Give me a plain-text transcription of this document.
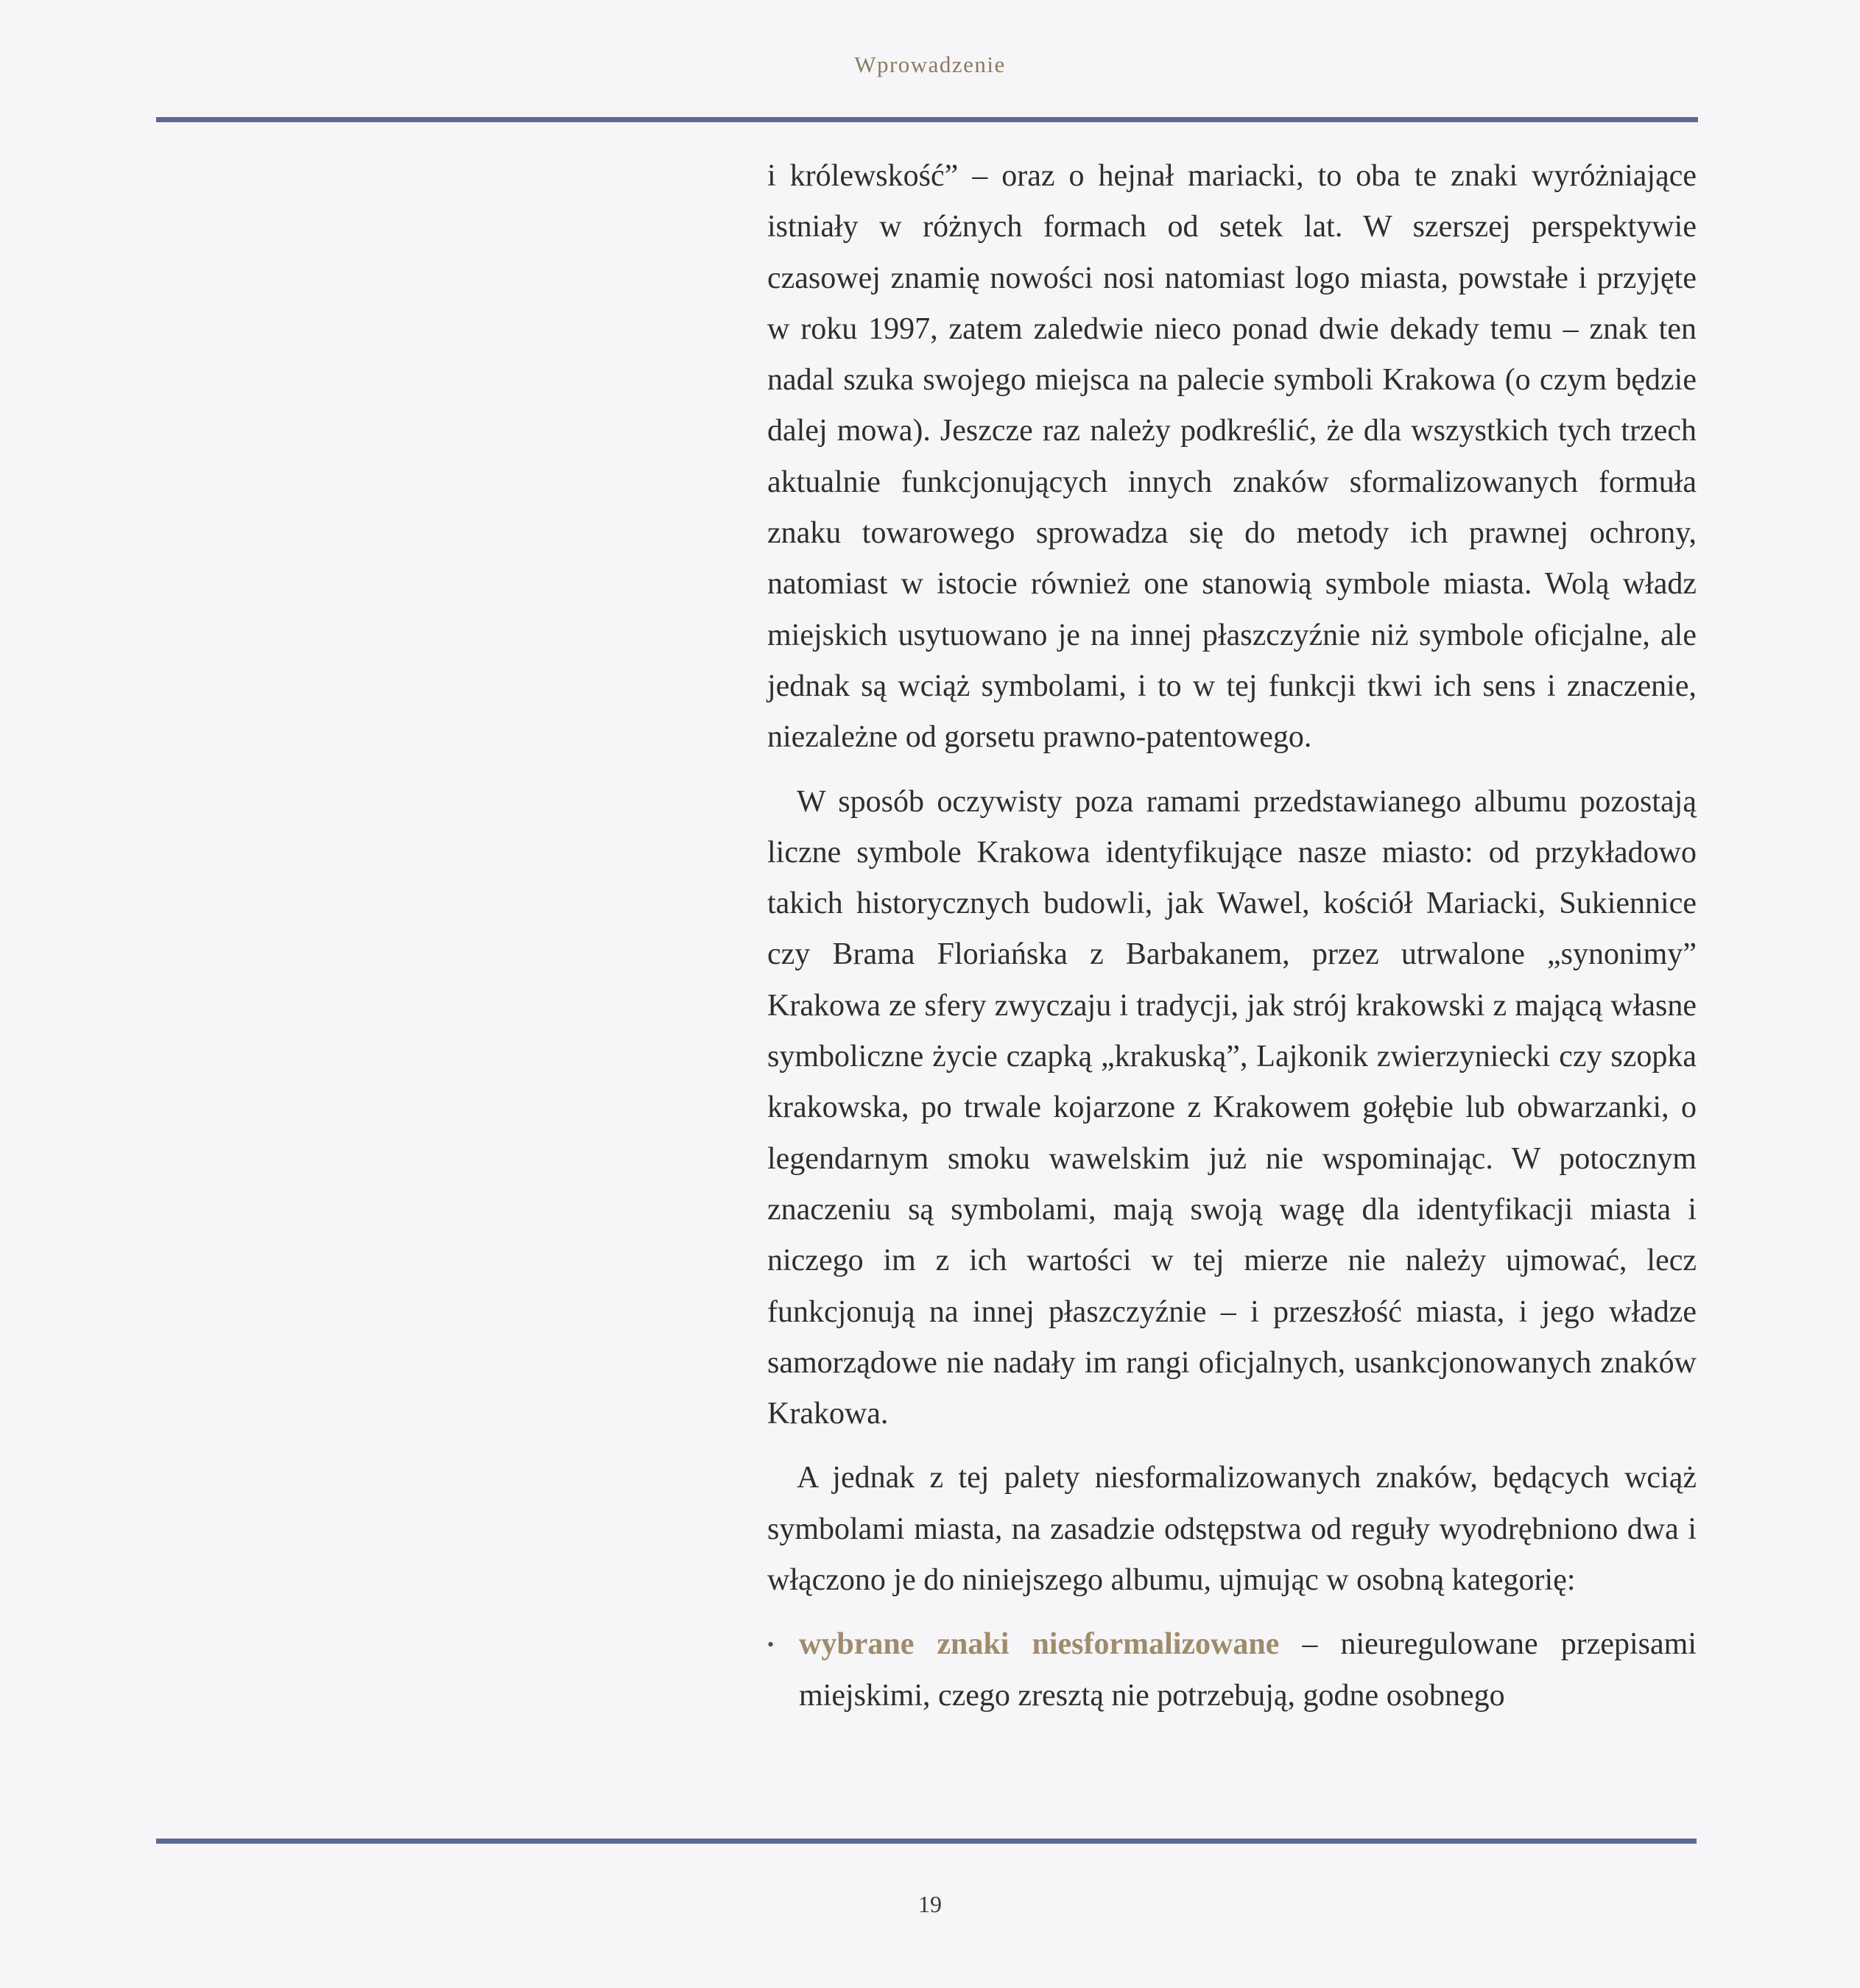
Wprowadzenie

i królewskość” – oraz o hejnał mariacki, to oba te znaki wyróżniające istniały w różnych formach od setek lat. W szerszej perspektywie czasowej znamię nowości nosi natomiast logo miasta, powstałe i przyjęte w roku 1997, zatem zaledwie nieco ponad dwie dekady temu – znak ten nadal szuka swojego miejsca na palecie symboli Krakowa (o czym będzie dalej mowa). Jeszcze raz należy podkreślić, że dla wszystkich tych trzech aktualnie funkcjonujących innych znaków sformalizowanych formuła znaku towarowego sprowadza się do metody ich prawnej ochrony, natomiast w istocie również one stanowią symbole miasta. Wolą władz miejskich usytuowano je na innej płaszczyźnie niż symbole oficjalne, ale jednak są wciąż symbolami, i to w tej funkcji tkwi ich sens i znaczenie, niezależne od gorsetu prawno-patentowego.

W sposób oczywisty poza ramami przedstawianego albumu pozostają liczne symbole Krakowa identyfikujące nasze miasto: od przykładowo takich historycznych budowli, jak Wawel, kościół Mariacki, Sukiennice czy Brama Floriańska z Barbakanem, przez utrwalone „synonimy” Krakowa ze sfery zwyczaju i tradycji, jak strój krakowski z mającą własne symboliczne życie czapką „krakuską”, Lajkonik zwierzyniecki czy szopka krakowska, po trwale kojarzone z Krakowem gołębie lub obwarzanki, o legendarnym smoku wawelskim już nie wspominając. W potocznym znaczeniu są symbolami, mają swoją wagę dla identyfikacji miasta i niczego im z ich wartości w tej mierze nie należy ujmować, lecz funkcjonują na innej płaszczyźnie – i przeszłość miasta, i jego władze samorządowe nie nadały im rangi oficjalnych, usankcjonowanych znaków Krakowa.

A jednak z tej palety niesformalizowanych znaków, będących wciąż symbolami miasta, na zasadzie odstępstwa od reguły wyodrębniono dwa i włączono je do niniejszego albumu, ujmując w osobną kategorię:

• wybrane znaki niesformalizowane – nieuregulowane przepisami miejskimi, czego zresztą nie potrzebują, godne osobnego
19
